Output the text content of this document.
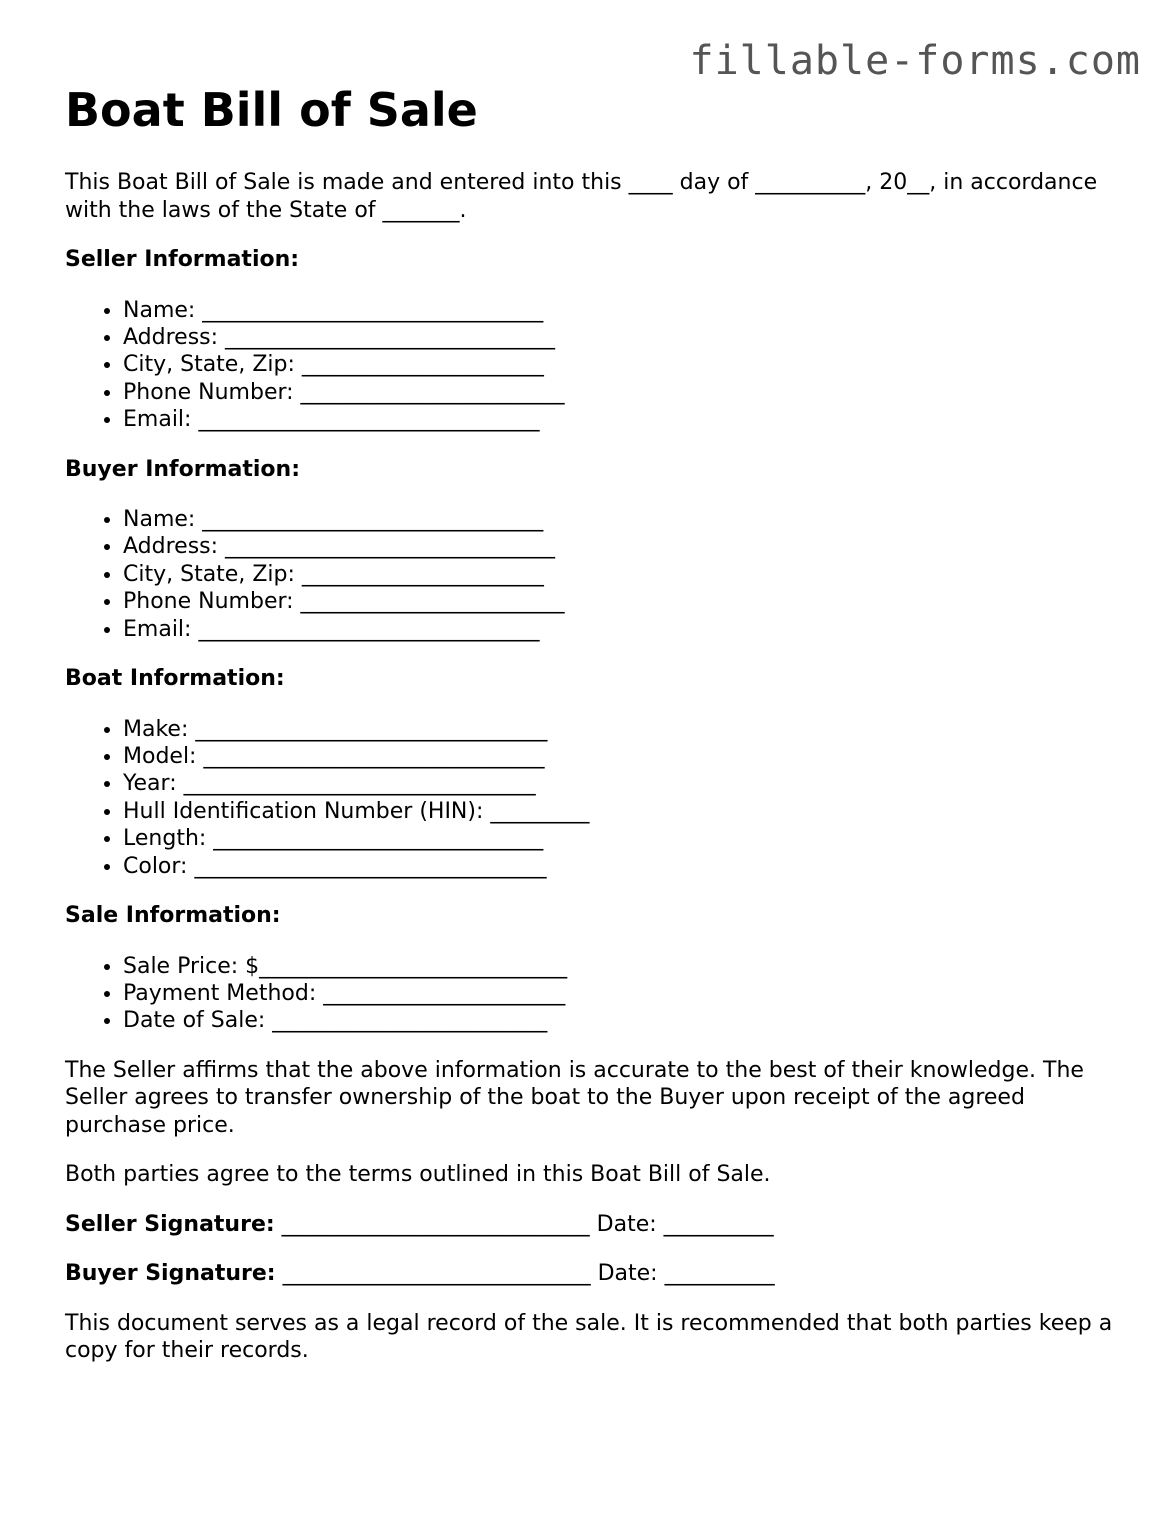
fillable-forms.com
Boat Bill of Sale

This Boat Bill of Sale is made and entered into this ____ day of __________, 20__, in accordance with the laws of the State of _______.

Seller Information:

• Name: _______________________________
• Address: ______________________________
• City, State, Zip: ______________________
• Phone Number: ________________________
• Email: _______________________________

Buyer Information:

• Name: _______________________________
• Address: ______________________________
• City, State, Zip: ______________________
• Phone Number: ________________________
• Email: _______________________________

Boat Information:

• Make: ________________________________
• Model: _______________________________
• Year: ________________________________
• Hull Identification Number (HIN): _________
• Length: ______________________________
• Color: ________________________________

Sale Information:

• Sale Price: $____________________________
• Payment Method: ______________________
• Date of Sale: _________________________

The Seller affirms that the above information is accurate to the best of their knowledge. The Seller agrees to transfer ownership of the boat to the Buyer upon receipt of the agreed purchase price.

Both parties agree to the terms outlined in this Boat Bill of Sale.

Seller Signature: ____________________________ Date: __________

Buyer Signature: ____________________________ Date: __________

This document serves as a legal record of the sale. It is recommended that both parties keep a copy for their records.
